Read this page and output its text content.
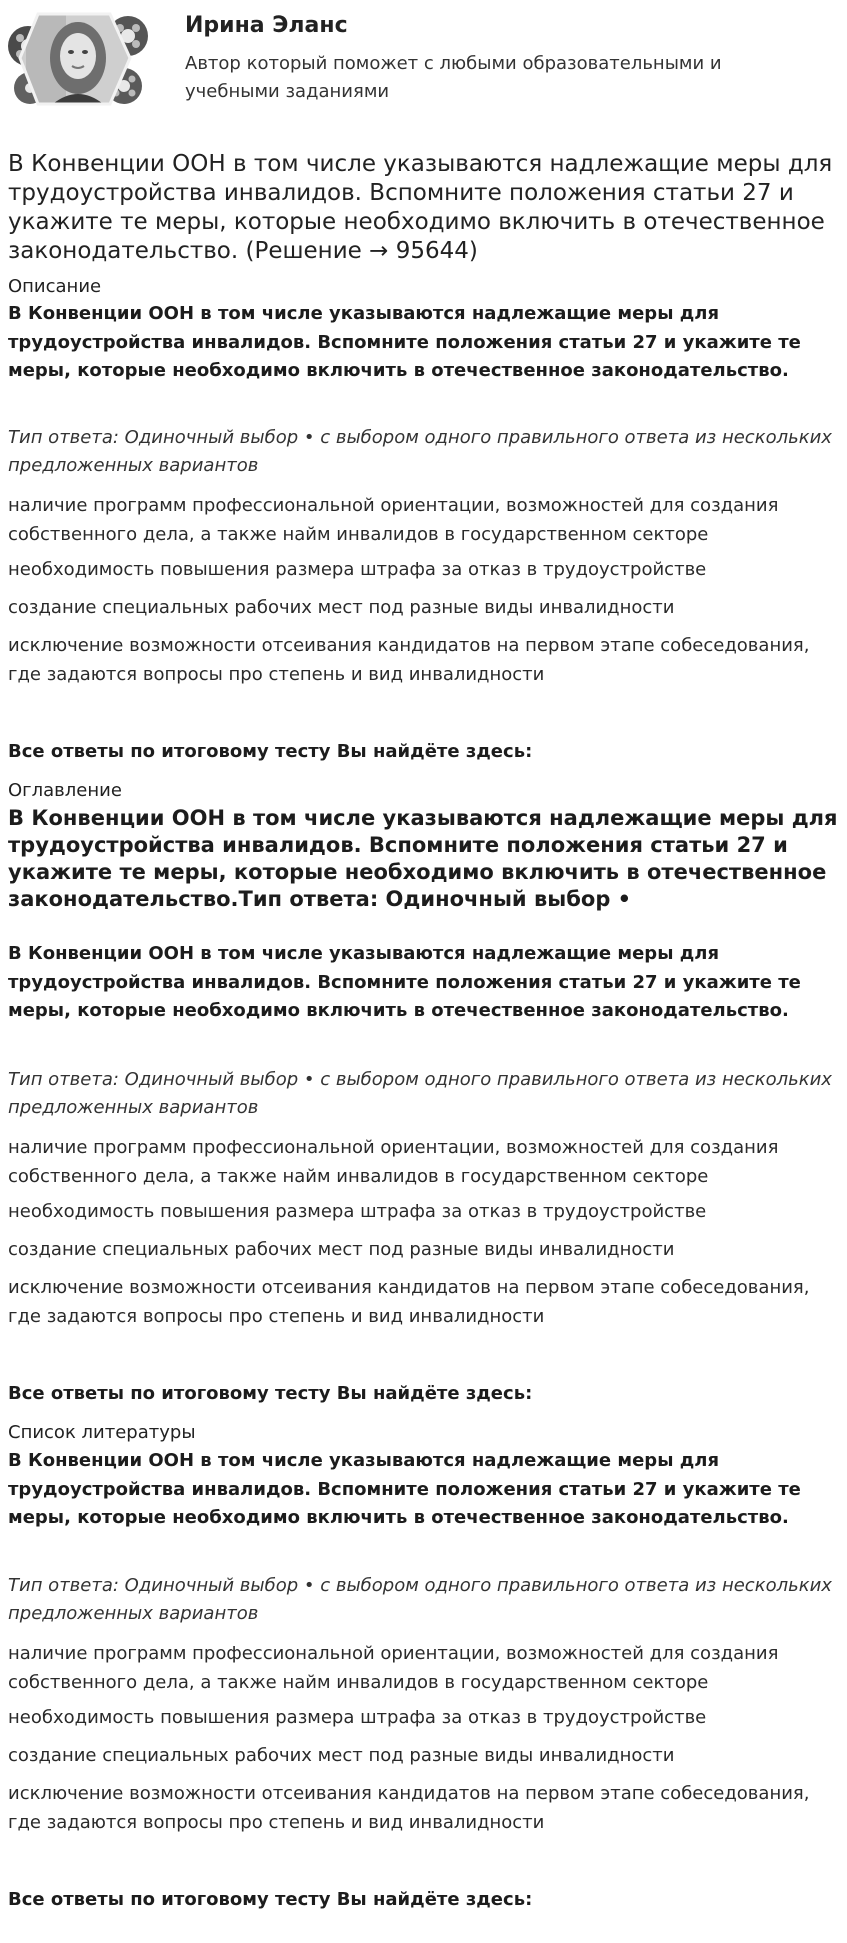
Ирина Эланс
Автор который поможет с любыми образовательными и учебными заданиями
В Конвенции ООН в том числе указываются надлежащие меры для трудоустройства инвалидов. Вспомните положения статьи 27 и укажите те меры, которые необходимо включить в отечественное законодательство. (Решение → 95644)
Описание
В Конвенции ООН в том числе указываются надлежащие меры для трудоустройства инвалидов. Вспомните положения статьи 27 и укажите те меры, которые необходимо включить в отечественное законодательство.
Тип ответа: Одиночный выбор • с выбором одного правильного ответа из нескольких предложенных вариантов
наличие программ профессиональной ориентации, возможностей для создания собственного дела, а также найм инвалидов в государственном секторе
необходимость повышения размера штрафа за отказ в трудоустройстве
создание специальных рабочих мест под разные виды инвалидности
исключение возможности отсеивания кандидатов на первом этапе собеседования, где задаются вопросы про степень и вид инвалидности
Все ответы по итоговому тесту Вы найдёте здесь:
Оглавление
В Конвенции ООН в том числе указываются надлежащие меры для трудоустройства инвалидов. Вспомните положения статьи 27 и укажите те меры, которые необходимо включить в отечественное законодательство.Тип ответа: Одиночный выбор •
В Конвенции ООН в том числе указываются надлежащие меры для трудоустройства инвалидов. Вспомните положения статьи 27 и укажите те меры, которые необходимо включить в отечественное законодательство.
Тип ответа: Одиночный выбор • с выбором одного правильного ответа из нескольких предложенных вариантов
наличие программ профессиональной ориентации, возможностей для создания собственного дела, а также найм инвалидов в государственном секторе
необходимость повышения размера штрафа за отказ в трудоустройстве
создание специальных рабочих мест под разные виды инвалидности
исключение возможности отсеивания кандидатов на первом этапе собеседования, где задаются вопросы про степень и вид инвалидности
Все ответы по итоговому тесту Вы найдёте здесь:
Список литературы
В Конвенции ООН в том числе указываются надлежащие меры для трудоустройства инвалидов. Вспомните положения статьи 27 и укажите те меры, которые необходимо включить в отечественное законодательство.
Тип ответа: Одиночный выбор • с выбором одного правильного ответа из нескольких предложенных вариантов
наличие программ профессиональной ориентации, возможностей для создания собственного дела, а также найм инвалидов в государственном секторе
необходимость повышения размера штрафа за отказ в трудоустройстве
создание специальных рабочих мест под разные виды инвалидности
исключение возможности отсеивания кандидатов на первом этапе собеседования, где задаются вопросы про степень и вид инвалидности
Все ответы по итоговому тесту Вы найдёте здесь:
